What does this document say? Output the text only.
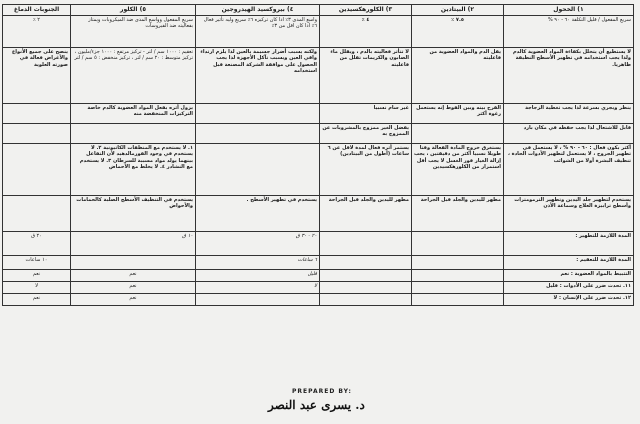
١) الخحول	٢) البيتادين	٣) الكلورهكسيدين	٤) بيروكسيد الهيدروجين	٥) الكلور	الجنوبات الدماغ
سريع المفعول / قليل التكلفة ٦٠ - ٩٠ %	٧.٥ ٪	٤ ٪	واسع المدى ٣٪ اذا كان تركيزه ٦٪ سريع وليه تأثير فعال ٦٪ اذا كان اقل من ٣٪	سريع المفعول وواسع المدى ضد الميكروبات ويمتاز بفعاليته ضد الفيروسات	٢ ٪
لا يستطيع أن يتخلل بكفاءة المواد العضوية كالدم ولذا يجب استخدامه في تطهير الأسطح النظيفة ظاهريا.	يقل الدم والمواد العضوية من فاعليته	لا تتأثر فعاليته بالدم ، ويقلل ماء الصابون والكريمات تقلل من فاعليته	ولكنه يسبب أضرار جسيمة بالعين لذا يلزم ارتداء واقي العين ويسبب تآكل الأجهزة لذا يجب الحصول على موافقة الشركة المصنعة قبل استخدامه	تعقيم : ١٠٠٠ سم / لتر - تركيز مرتفع : ١٠٠٠ جزء/مليون ، تركيز متوسط : ٢٠ سم / لتر ، تركيز منخفض : ٥ سم / لتر	ينصح على جميع الأنواع والأغراض فعالة في صورته العلوية
ينظر ويجري بسرعة لذا يجب تغطية الزجاجة	القرح بينه وبين الفوط إنه يستعمل رغوة أكثر	غير سام نسبيا		يزول أثره بفعل المواد العضوية كالدم خاصة التركيزات المنخفضة منه	
قابل للاشتعال لذا يجب حفظه في مكان بارد		يفضل الغير ممزوج بالمشروبات عن الممزوج به			
أكثر بكون فعال : ٦٠ - ٩٠ % ، لا يستعمل في تطهير الجروح ، لا يستعمل لتطهير الأدوات الحادة ، تنظيف البشرة أولا من الشوائب	يستغرق خروج المادة الفعالة وقتا طويلا نسبيا أكثر من دقيقتين ، يجب إزالة الغيار فور الغسل لا يجب أقل استمرار من الكلورهكسيدين	يستمر أثره فعال لمدة لاقل عن ٦ ساعات (أطول من البيتادين)		١. لا يستخدم مع المنظفات الكاتيونية ٢. لا يستخدم في وجود الفورمالدهيد لأن التفاعل بينهما يولد مواد مسببة للسرطان ٣. لا يستخدم مع النشادر ٤. لا يخلط مع الأحماض	
يستخدم لتطهير جلد اليدين وتطهير الترمومترات وأسطح ترابيزة العلاج وسماعة الأذن	مطهر لليدين والجلد قبل الجراحة	مطهر لليدين والجلد قبل الجراحة	يستخدم في تطهير الأسطح .	يستخدم في التنظيف الأسطح الصلبة كالحمامات والأحواض	
المدة اللازمة للتطهير :			٢٠ - ٣٠ ق	١٠ ق	٢٠ ق
المدة اللازمة للتعقيم :			٦ ساعات		١٠ ساعات
التثبيط بالمواد العضوية : نعم			قليل	نعم	نعم
١١. تحدث ضرر على الأدوات : قليل			لا	نعم	لا
١٢. تحدث ضرر على الإنسان : لا				نعم	نعم
PREPARED BY:
د. يسرى عبد النصر
